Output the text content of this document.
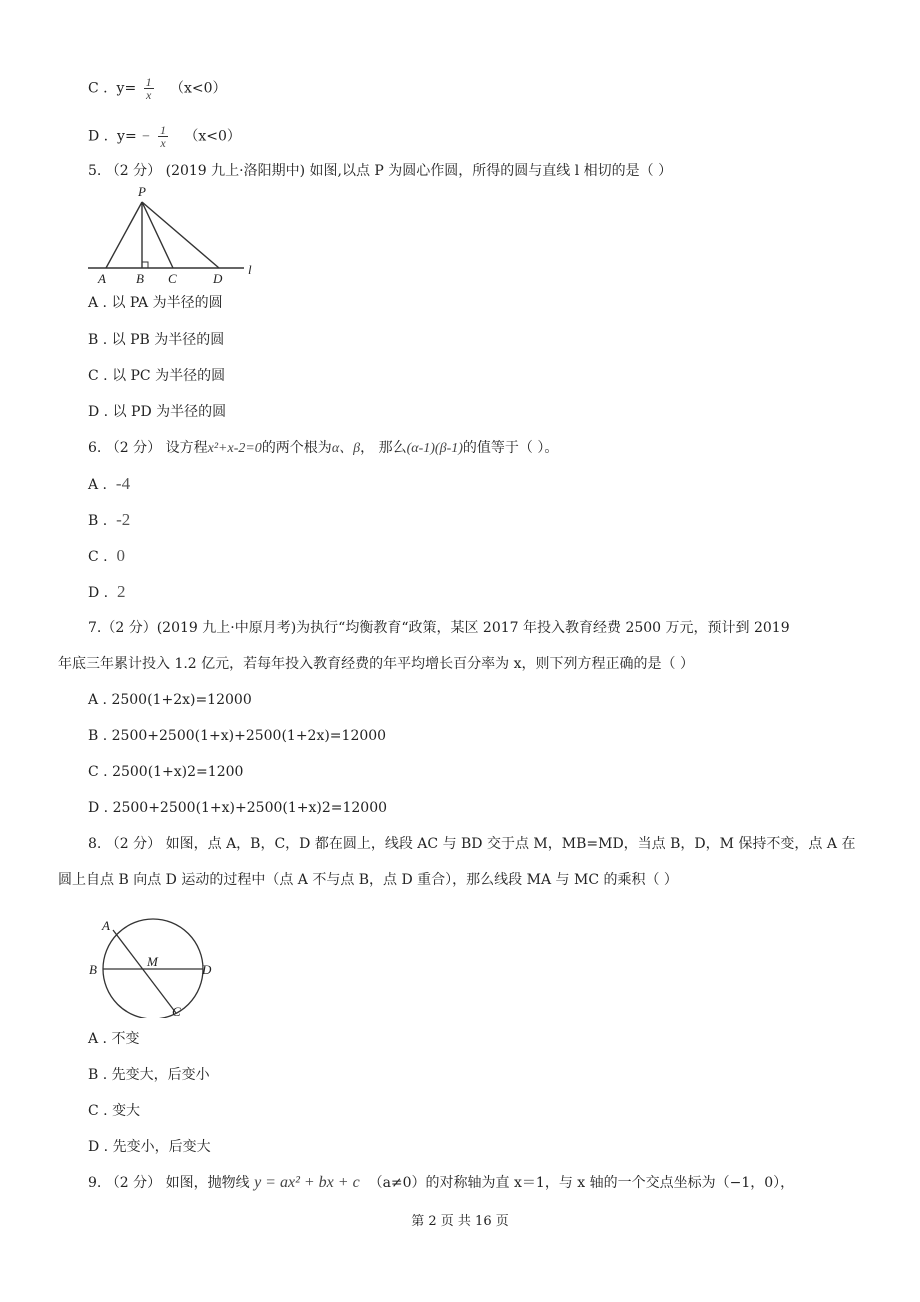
C . $y= \frac{1}{x} (x<0)$
D . $y= - \frac{1}{x} (x<0)$
5. （2 分） (2019 九上·洛阳期中) 如图,以点 P 为圆心作圆，所得的圆与直线 l 相切的是（ ）
P
A B C	D
l
A . 以 PA 为半径的圆
B . 以 PB 为半径的圆
C . 以 PC 为半径的圆
D . 以 PD 为半径的圆
6. （2 分） 设方程x²+x-2=0的两个根为α、β， 那么(α-1)(β-1)的值等于（ ）。
A . -4
B . -2
C . 0
D . 2
7.（2 分）(2019 九上·中原月考)为执行“均衡教育“政策，某区 2017 年投入教育经费 2500 万元，预计到 2019
年底三年累计投入 1.2 亿元，若每年投入教育经费的年平均增长百分率为 x，则下列方程正确的是（ ）
A . 2500(1+2x)=12000
B . 2500+2500(1+x)+2500(1+2x)=12000
C . 2500(1+x)2=1200
D . 2500+2500(1+x)+2500(1+x)2=12000
8. （2 分） 如图，点 A，B，C，D 都在圆上，线段 AC 与 BD 交于点 M，MB=MD，当点 B，D，M 保持不变，点 A 在
圆上自点 B 向点 D 运动的过程中（点 A 不与点 B，点 D 重合），那么线段 MA 与 MC 的乘积（ ）
A
B
M
D
C
A . 不变
B . 先变大，后变小
C . 变大
D . 先变小，后变大
9. （2 分） 如图，抛物线 y = ax² + bx + c （a≠0）的对称轴为直 x＝1，与 x 轴的一个交点坐标为（−1，0），
第 2 页 共 16 页
